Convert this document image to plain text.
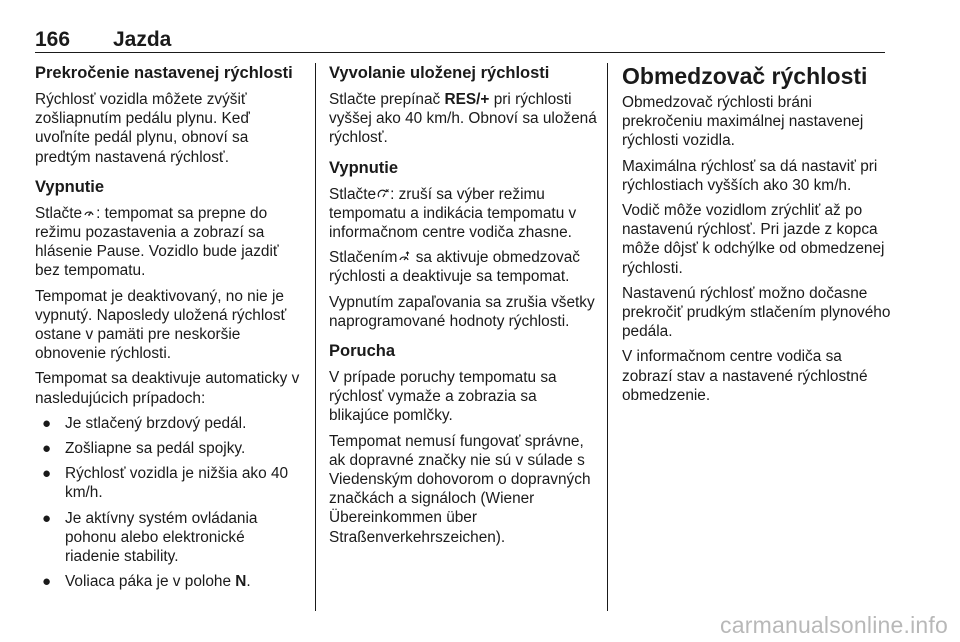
166 Jazda
Prekročenie nastavenej rýchlosti

Rýchlosť vozidla môžete zvýšiť zošliapnutím pedálu plynu. Keď uvoľníte pedál plynu, obnoví sa predtým nastavená rýchlosť.

Vypnutie

Stlačte : tempomat sa prepne do režimu pozastavenia a zobrazí sa hlásenie Pause. Vozidlo bude jazdiť bez tempomatu.

Tempomat je deaktivovaný, no nie je vypnutý. Naposledy uložená rýchlosť ostane v pamäti pre neskoršie obnovenie rýchlosti.

Tempomat sa deaktivuje automaticky v nasledujúcich prípadoch:

● Je stlačený brzdový pedál.
● Zošliapne sa pedál spojky.
● Rýchlosť vozidla je nižšia ako 40 km/h.
● Je aktívny systém ovládania pohonu alebo elektronické riadenie stability.
● Voliaca páka je v polohe N.
Vyvolanie uloženej rýchlosti

Stlačte prepínač RES/+ pri rýchlosti vyššej ako 40 km/h. Obnoví sa uložená rýchlosť.

Vypnutie

Stlačte : zruší sa výber režimu tempomatu a indikácia tempomatu v informačnom centre vodiča zhasne.

Stlačením
sa aktivuje obmedzovač rýchlosti a deaktivuje sa tempomat.

Vypnutím zapaľovania sa zrušia všetky naprogramované hodnoty rýchlosti.

Porucha

V prípade poruchy tempomatu sa rýchlosť vymaže a zobrazia sa blikajúce pomlčky.

Tempomat nemusí fungovať správne, ak dopravné značky nie sú v súlade s Viedenským dohovorom o dopravných značkách a signáloch (Wiener Übereinkommen über Straßenverkehrszeichen).

Obmedzovač rýchlosti

Obmedzovač rýchlosti bráni prekročeniu maximálnej nastavenej rýchlosti vozidla.

Maximálna rýchlosť sa dá nastaviť pri rýchlostiach vyšších ako 30 km/h.

Vodič môže vozidlom zrýchliť až po nastavenú rýchlosť. Pri jazde z kopca môže dôjsť k odchýlke od obmedzenej rýchlosti.

Nastavenú rýchlosť možno dočasne prekročiť prudkým stlačením plynového pedála.

V informačnom centre vodiča sa zobrazí stav a nastavené rýchlostné obmedzenie.

carmanualsonline.info
